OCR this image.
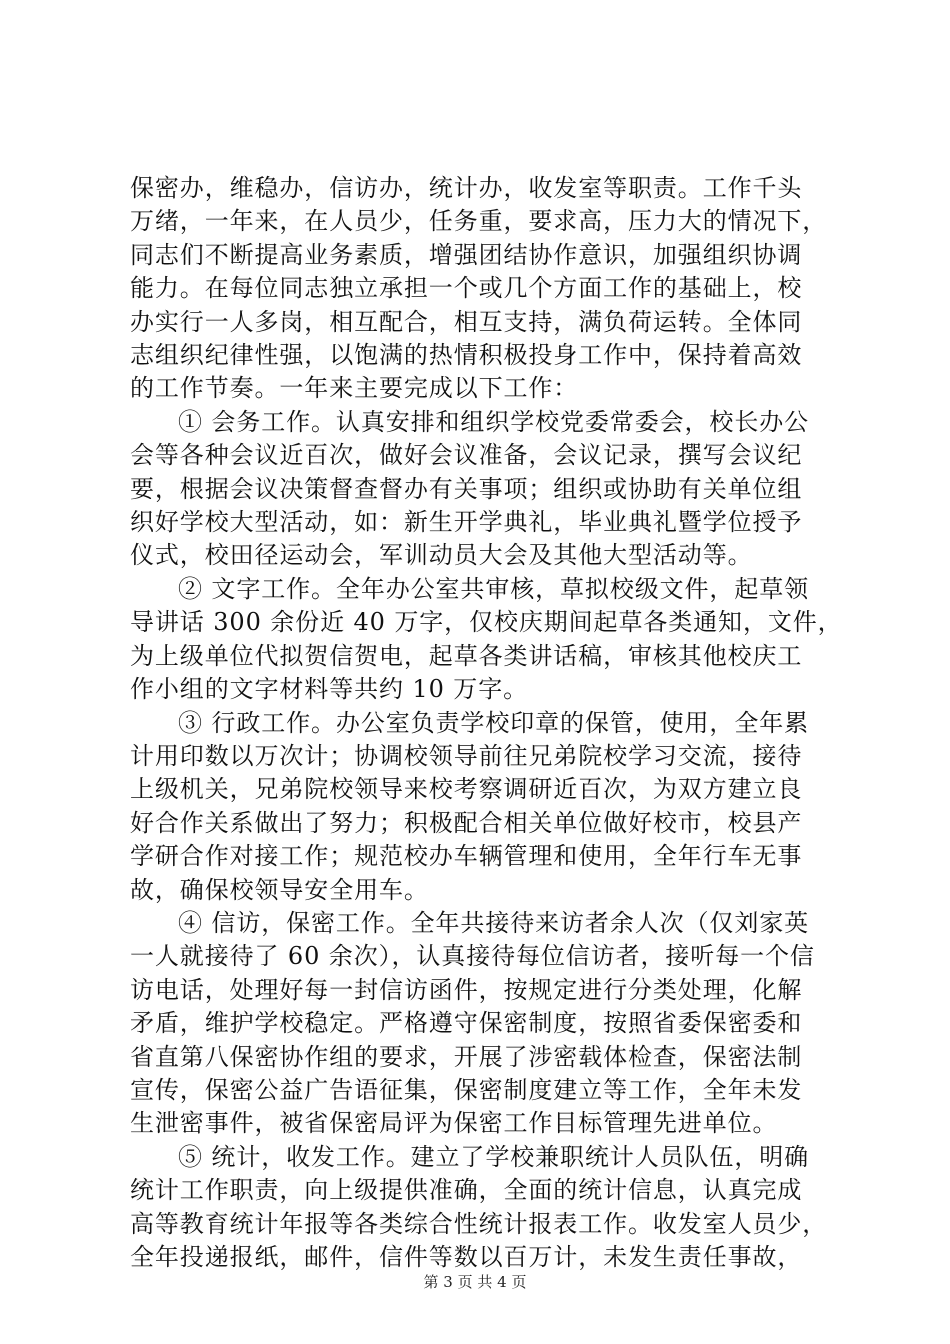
保密办，维稳办，信访办，统计办，收发室等职责。工作千头
万绪，一年来，在人员少，任务重，要求高，压力大的情况下，
同志们不断提高业务素质，增强团结协作意识，加强组织协调
能力。在每位同志独立承担一个或几个方面工作的基础上，校
办实行一人多岗，相互配合，相互支持，满负荷运转。全体同
志组织纪律性强，以饱满的热情积极投身工作中，保持着高效
的工作节奏。一年来主要完成以下工作：
① 会务工作。认真安排和组织学校党委常委会，校长办公
会等各种会议近百次，做好会议准备，会议记录，撰写会议纪
要，根据会议决策督查督办有关事项；组织或协助有关单位组
织好学校大型活动，如：新生开学典礼，毕业典礼暨学位授予
仪式，校田径运动会，军训动员大会及其他大型活动等。
② 文字工作。全年办公室共审核，草拟校级文件，起草领
导讲话 300 余份近 40 万字，仅校庆期间起草各类通知，文件，
为上级单位代拟贺信贺电，起草各类讲话稿，审核其他校庆工
作小组的文字材料等共约 10 万字。
③ 行政工作。办公室负责学校印章的保管，使用，全年累
计用印数以万次计；协调校领导前往兄弟院校学习交流，接待
上级机关，兄弟院校领导来校考察调研近百次，为双方建立良
好合作关系做出了努力；积极配合相关单位做好校市，校县产
学研合作对接工作；规范校办车辆管理和使用，全年行车无事
故，确保校领导安全用车。
④ 信访，保密工作。全年共接待来访者余人次（仅刘家英
一人就接待了 60 余次），认真接待每位信访者，接听每一个信
访电话，处理好每一封信访函件，按规定进行分类处理，化解
矛盾，维护学校稳定。严格遵守保密制度，按照省委保密委和
省直第八保密协作组的要求，开展了涉密载体检查，保密法制
宣传，保密公益广告语征集，保密制度建立等工作，全年未发
生泄密事件，被省保密局评为保密工作目标管理先进单位。
⑤ 统计，收发工作。建立了学校兼职统计人员队伍，明确
统计工作职责，向上级提供准确，全面的统计信息，认真完成
高等教育统计年报等各类综合性统计报表工作。收发室人员少，
全年投递报纸，邮件，信件等数以百万计，未发生责任事故，
第 3 页 共 4 页
